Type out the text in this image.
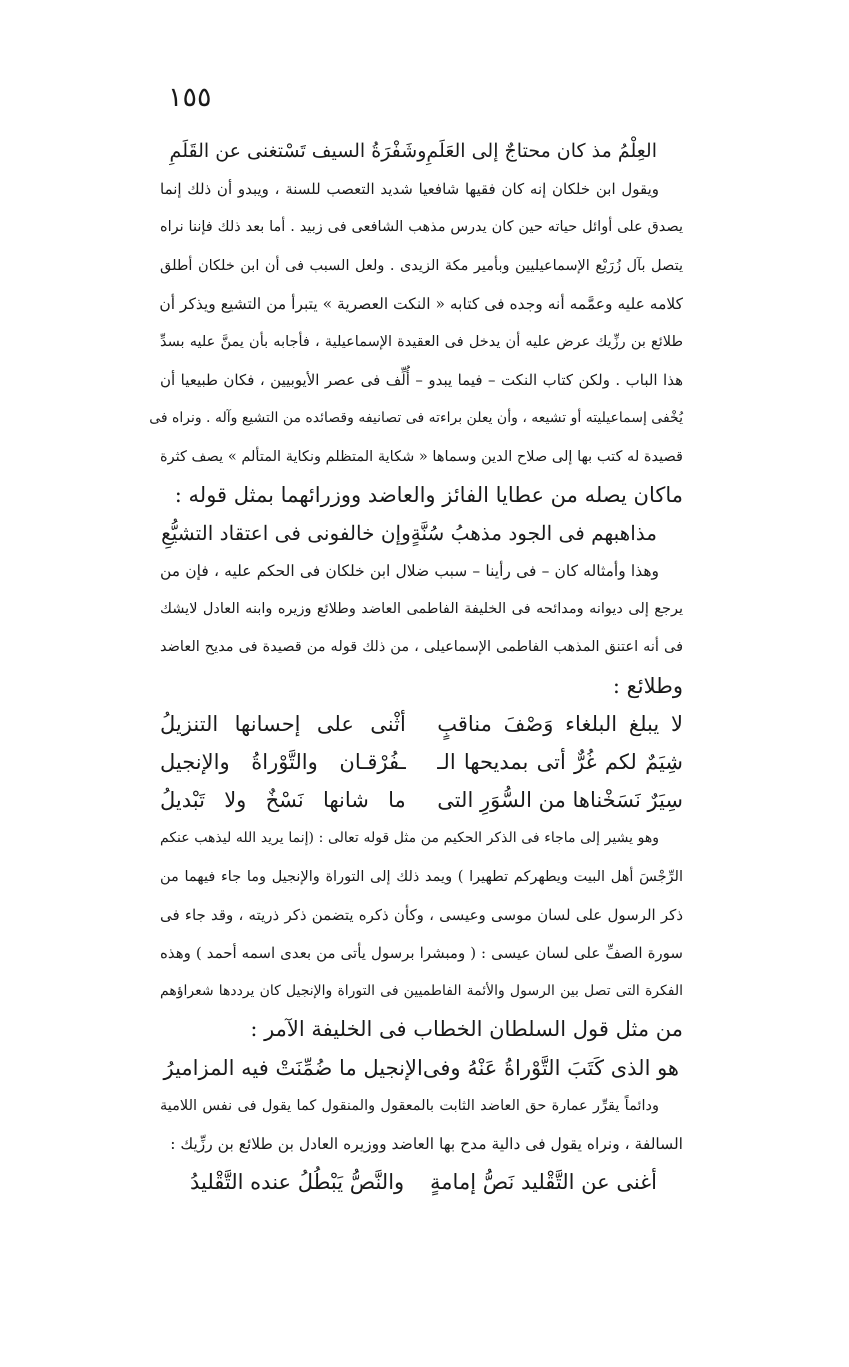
١٥٥
العِلْمُ مذ كان محتاجٌ إلى العَلَمِ
وشَفْرَةُ السيف تَسْتغنى عن القَلَمِ
ويقول ابن خلكان إنه كان فقيها شافعيا شديد التعصب للسنة ، ويبدو أن ذلك إنما
يصدق على أوائل حياته حين كان يدرس مذهب الشافعى فى زبيد . أما بعد ذلك فإننا نراه
يتصل بآل زُرَيْع الإسماعيليين وبأمير مكة الزيدى . ولعل السبب فى أن ابن خلكان أطلق
كلامه عليه وعمَّمه أنه وجده فى كتابه « النكت العصرية » يتبرأ من التشيع ويذكر أن
طلائع بن رزِّيك عرض عليه أن يدخل فى العقيدة الإسماعيلية ، فأجابه بأن يمنَّ عليه بسدِّ
هذا الباب . ولكن كتاب النكت – فيما يبدو – أُلِّف فى عصر الأيوبيين ، فكان طبيعيا أن
يُخْفى إسماعيليته أو تشيعه ، وأن يعلن براءته فى تصانيفه وقصائده من التشيع وآله . ونراه فى
قصيدة له كتب بها إلى صلاح الدين وسماها « شكاية المتظلم ونكاية المتألم » يصف كثرة
ماكان يصله من عطايا الفائز والعاضد ووزرائهما بمثل قوله :
مذاهبهم فى الجود مذهبُ سُنَّةٍ
وإن خالفونى فى اعتقاد التشيُّعِ
وهذا وأمثاله كان – فى رأينا – سبب ضلال ابن خلكان فى الحكم عليه ، فإن من
يرجع إلى ديوانه ومدائحه فى الخليفة الفاطمى العاضد وطلائع وزيره وابنه العادل لايشك
فى أنه اعتنق المذهب الفاطمى الإسماعيلى ، من ذلك قوله من قصيدة فى مديح العاضد
وطلائع :
لا
يبلغ
البلغاء
وَصْفَ
مناقبٍ
أثْنى
على
إحسانها
التنزيلُ
شِيَمٌ
لكم
غُرٌّ
أتى
بمديحها
الـ
ـفُرْقـان
والتَّوْراةُ
والإنجيل
سِيَرٌ
نَسَخْناها
من
السُّوَرِ
التى
ما
شانها
نَسْخٌ
ولا
تَبْديلُ
وهو يشير إلى ماجاء فى الذكر الحكيم من مثل قوله تعالى : (إنما يريد الله ليذهب عنكم
الرِّجْسَ أهل البيت ويطهركم تطهيرا ) ويمد ذلك إلى التوراة والإنجيل وما جاء فيهما من
ذكر الرسول على لسان موسى وعيسى ، وكأن ذكره يتضمن ذكر ذريته ، وقد جاء فى
سورة الصفِّ على لسان عيسى : ( ومبشرا برسول يأتى من بعدى اسمه أحمد ) وهذه
الفكرة التى تصل بين الرسول والأئمة الفاطميين فى التوراة والإنجيل كان يرددها شعراؤهم
من مثل قول السلطان الخطاب فى الخليفة الآمر :
هو الذى كَتَبَ التَّوْراةُ عَنْهُ وفى
الإنجيل ما ضُمِّنَتْ فيه المزاميرُ
ودائماً يقرِّر عمارة حق العاضد الثابت بالمعقول والمنقول كما يقول فى نفس اللامية
السالفة ، ونراه يقول فى دالية مدح بها العاضد ووزيره العادل بن طلائع بن رزِّيك :
أغنى عن التَّقْليد نَصُّ إمامةٍ
والنَّصُّ يَبْطُلُ عنده التَّقْليدُ
